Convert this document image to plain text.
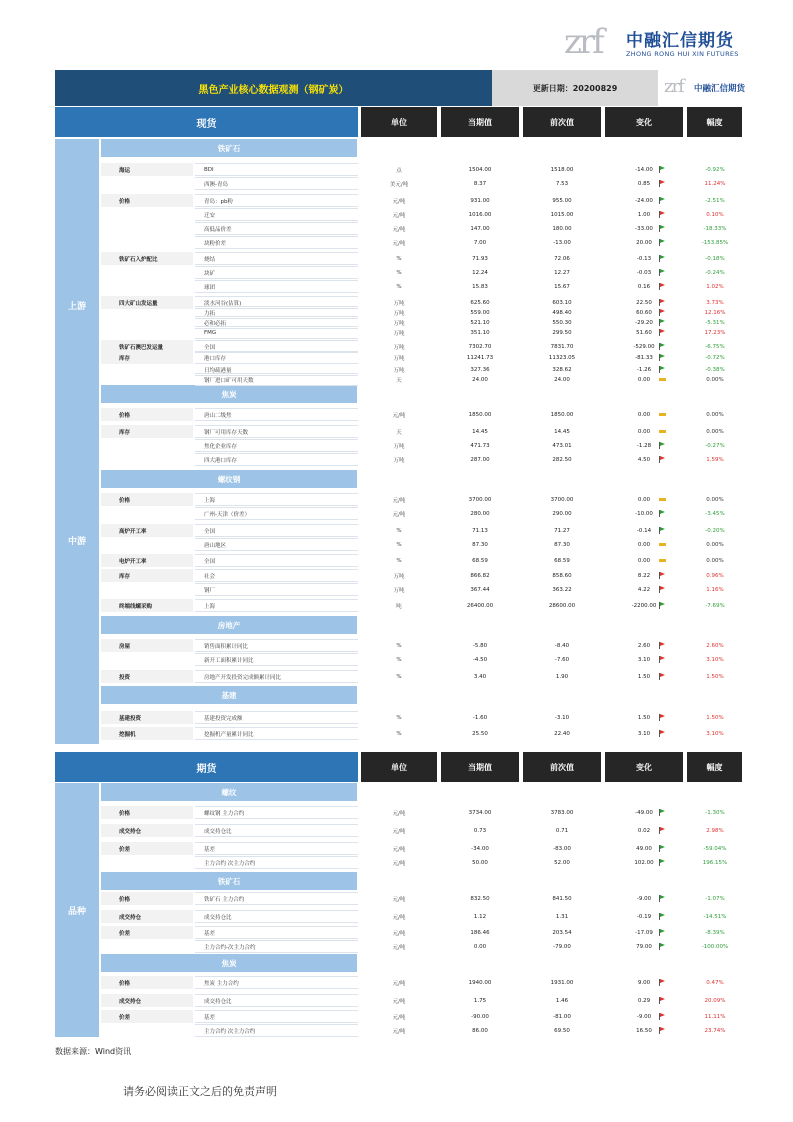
zrf 中融汇信期货
ZHONG RONG HUI XIN FUTURES
黑色产业核心数据观测（钢矿炭）	更新日期：20200829	zrf 中融汇信期货
现货	单位	当期值	前次值	变化	幅度
期货	单位	当期值	前次值	变化	幅度
上游
中游
品种
铁矿石
焦炭
螺纹钢
房地产
基建
螺纹
铁矿石
焦炭
海运	BDI	点	1504.00	1518.00	-14.00	-0.92%
西澳-青岛	美元/吨	8.37	7.53	0.85	11.24%
价格	青岛：pb粉	元/吨	931.00	955.00	-24.00	-2.51%
迁安	元/吨	1016.00	1015.00	1.00	0.10%
高低品价差	元/吨	147.00	180.00	-33.00	-18.33%
块粉价差	元/吨	7.00	-13.00	20.00	-153.85%
铁矿石入炉配比	烧结	%	71.93	72.06	-0.13	-0.18%
块矿	%	12.24	12.27	-0.03	-0.24%
球团	%	15.83	15.67	0.16	1.02%
四大矿山发运量	淡水河谷(估算)	万吨	625.60	603.10	22.50	3.73%
力拓	万吨	559.00	498.40	60.60	12.16%
必和必拓	万吨	521.10	550.30	-29.20	-5.31%
FMG	万吨	351.10	299.50	51.60	17.23%
铁矿石澳巴发运量	全国	万吨	7302.70	7831.70	-529.00	-6.75%
库存	港口库存	万吨	11241.73	11323.05	-81.33	-0.72%
日均疏港量	万吨	327.36	328.62	-1.26	-0.38%
钢厂进口矿可用天数	天	24.00	24.00	0.00	0.00%
价格	唐山二级焦	元/吨	1850.00	1850.00	0.00	0.00%
库存	钢厂可用库存天数	天	14.45	14.45	0.00	0.00%
焦化企业库存	万吨	471.73	473.01	-1.28	-0.27%
四大港口库存	万吨	287.00	282.50	4.50	1.59%
价格	上海	元/吨	3700.00	3700.00	0.00	0.00%
广州-天津（价差）	元/吨	280.00	290.00	-10.00	-3.45%
高炉开工率	全国	%	71.13	71.27	-0.14	-0.20%
唐山地区	%	87.30	87.30	0.00	0.00%
电炉开工率	全国	%	68.59	68.59	0.00	0.00%
库存	社会	万吨	866.82	858.60	8.22	0.96%
钢厂	万吨	367.44	363.22	4.22	1.16%
终端线螺采购	上海	吨	26400.00	28600.00	-2200.00	-7.69%
房屋	销售面积累计同比	%	-5.80	-8.40	2.60	2.60%
新开工面积累计同比	%	-4.50	-7.60	3.10	3.10%
投资	房地产开发投资完成额累计同比	%	3.40	1.90	1.50	1.50%
基建投资	基建投资完成额	%	-1.60	-3.10	1.50	1.50%
挖掘机	挖掘机产量累计同比	%	25.50	22.40	3.10	3.10%
价格	螺纹钢 主力合约	元/吨	3734.00	3783.00	-49.00	-1.30%
成交持仓	成交持仓比	元/吨	0.73	0.71	0.02	2.98%
价差	基差	元/吨	-34.00	-83.00	49.00	-59.04%
主力合约 次主力合约	元/吨	50.00	52.00	102.00	196.15%
价格	铁矿石 主力合约	元/吨	832.50	841.50	-9.00	-1.07%
成交持仓	成交持仓比	元/吨	1.12	1.31	-0.19	-14.51%
价差	基差	元/吨	186.46	203.54	-17.09	-8.39%
主力合约-次主力合约	元/吨	0.00	-79.00	79.00	-100.00%
价格	焦炭 主力合约	元/吨	1940.00	1931.00	9.00	0.47%
成交持仓	成交持仓比	元/吨	1.75	1.46	0.29	20.09%
价差	基差	元/吨	-90.00	-81.00	-9.00	11.11%
主力合约 次主力合约	元/吨	86.00	69.50	16.50	23.74%
数据来源：Wind资讯
请务必阅读正文之后的免责声明
